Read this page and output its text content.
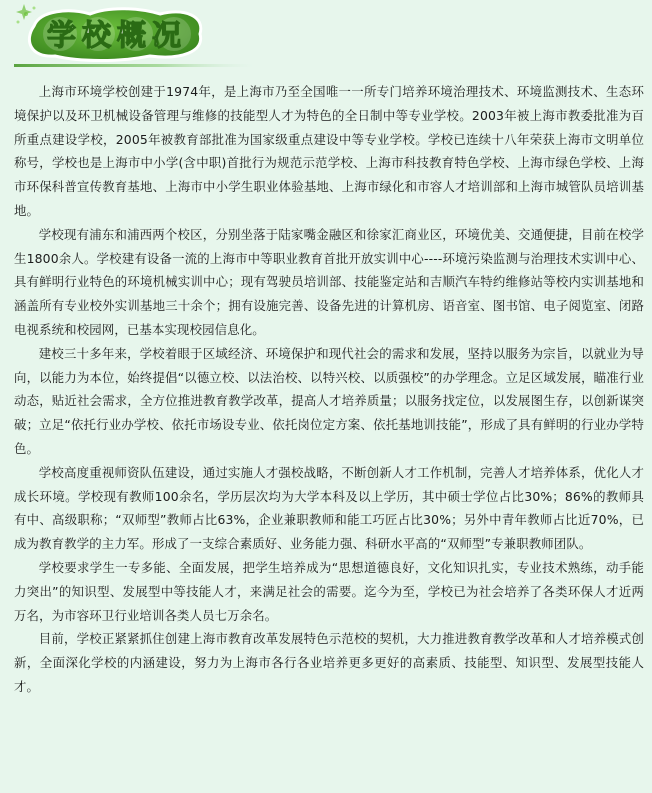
学校概况

上海市环境学校创建于1974年，是上海市乃至全国唯一一所专门培养环境治理技术、环境监测技术、生态环境保护以及环卫机械设备管理与维修的技能型人才为特色的全日制中等专业学校。2003年被上海市教委批准为百所重点建设学校，2005年被教育部批准为国家级重点建设中等专业学校。学校已连续十八年荣获上海市文明单位称号，学校也是上海市中小学(含中职)首批行为规范示范学校、上海市科技教育特色学校、上海市绿色学校、上海市环保科普宣传教育基地、上海市中小学生职业体验基地、上海市绿化和市容人才培训部和上海市城管队员培训基地。

学校现有浦东和浦西两个校区，分别坐落于陆家嘴金融区和徐家汇商业区，环境优美、交通便捷，目前在校学生1800余人。学校建有设备一流的上海市中等职业教育首批开放实训中心----环境污染监测与治理技术实训中心、具有鲜明行业特色的环境机械实训中心；现有驾驶员培训部、技能鉴定站和吉顺汽车特约维修站等校内实训基地和涵盖所有专业校外实训基地三十余个；拥有设施完善、设备先进的计算机房、语音室、图书馆、电子阅览室、闭路电视系统和校园网，已基本实现校园信息化。

建校三十多年来，学校着眼于区域经济、环境保护和现代社会的需求和发展，坚持以服务为宗旨，以就业为导向，以能力为本位，始终提倡“以德立校、以法治校、以特兴校、以质强校”的办学理念。立足区域发展，瞄准行业动态，贴近社会需求，全方位推进教育教学改革，提高人才培养质量；以服务找定位，以发展图生存，以创新谋突破；立足“依托行业办学校、依托市场设专业、依托岗位定方案、依托基地训技能”，形成了具有鲜明的行业办学特色。

学校高度重视师资队伍建设，通过实施人才强校战略，不断创新人才工作机制，完善人才培养体系，优化人才成长环境。学校现有教师100余名，学历层次均为大学本科及以上学历，其中硕士学位占比30%；86%的教师具有中、高级职称；“双师型”教师占比63%，企业兼职教师和能工巧匠占比30%；另外中青年教师占比近70%，已成为教育教学的主力军。形成了一支综合素质好、业务能力强、科研水平高的“双师型”专兼职教师团队。

学校要求学生一专多能、全面发展，把学生培养成为“思想道德良好，文化知识扎实，专业技术熟练，动手能力突出”的知识型、发展型中等技能人才，来满足社会的需要。迄今为至，学校已为社会培养了各类环保人才近两万名，为市容环卫行业培训各类人员七万余名。

目前，学校正紧紧抓住创建上海市教育改革发展特色示范校的契机，大力推进教育教学改革和人才培养模式创新，全面深化学校的内涵建设，努力为上海市各行各业培养更多更好的高素质、技能型、知识型、发展型技能人才。
